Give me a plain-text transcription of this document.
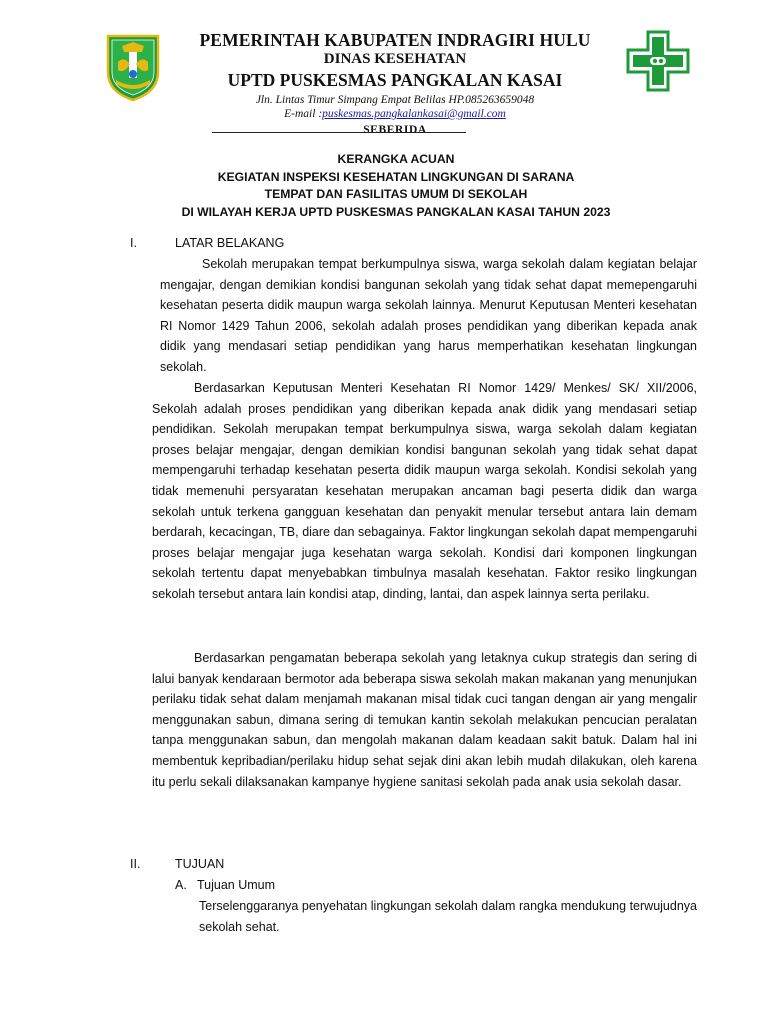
PEMERINTAH KABUPATEN INDRAGIRI HULU
DINAS KESEHATAN
UPTD PUSKESMAS PANGKALAN KASAI
Jln. Lintas Timur Simpang Empat Belilas HP.085263659048
E-mail :puskesmas.pangkalankasai@gmail.com
SEBERIDA
KERANGKA ACUAN
KEGIATAN INSPEKSI KESEHATAN LINGKUNGAN DI SARANA
TEMPAT DAN FASILITAS UMUM DI SEKOLAH
DI WILAYAH KERJA UPTD PUSKESMAS PANGKALAN KASAI TAHUN 2023
I.	LATAR BELAKANG
Sekolah merupakan tempat berkumpulnya siswa, warga sekolah dalam kegiatan belajar mengajar, dengan demikian kondisi bangunan sekolah yang tidak sehat dapat memepengaruhi kesehatan peserta didik maupun warga sekolah lainnya. Menurut Keputusan Menteri kesehatan RI Nomor 1429 Tahun 2006, sekolah adalah proses pendidikan yang diberikan kepada anak didik yang mendasari setiap pendidikan yang harus memperhatikan kesehatan lingkungan sekolah.
Berdasarkan Keputusan Menteri Kesehatan RI Nomor 1429/ Menkes/ SK/ XII/2006, Sekolah adalah proses pendidikan yang diberikan kepada anak didik yang mendasari setiap pendidikan. Sekolah merupakan tempat berkumpulnya siswa, warga sekolah dalam kegiatan proses belajar mengajar, dengan demikian kondisi bangunan sekolah yang tidak sehat dapat mempengaruhi terhadap kesehatan peserta didik maupun warga sekolah. Kondisi sekolah yang tidak memenuhi persyaratan kesehatan merupakan ancaman bagi peserta didik dan warga sekolah untuk terkena gangguan kesehatan dan penyakit menular tersebut antara lain demam berdarah, kecacingan, TB, diare dan sebagainya. Faktor lingkungan sekolah dapat mempengaruhi proses belajar mengajar juga kesehatan warga sekolah. Kondisi dari komponen lingkungan sekolah tertentu dapat menyebabkan timbulnya masalah kesehatan. Faktor resiko lingkungan sekolah tersebut antara lain kondisi atap, dinding, lantai, dan aspek lainnya serta perilaku.
Berdasarkan pengamatan beberapa sekolah yang letaknya cukup strategis dan sering di lalui banyak kendaraan bermotor ada beberapa siswa sekolah makan makanan yang menunjukan perilaku tidak sehat dalam menjamah makanan misal tidak cuci tangan dengan air yang mengalir menggunakan sabun, dimana sering di temukan kantin sekolah melakukan pencucian peralatan tanpa menggunakan sabun, dan mengolah makanan dalam keadaan sakit batuk. Dalam hal ini membentuk kepribadian/perilaku hidup sehat sejak dini akan lebih mudah dilakukan, oleh karena itu perlu sekali dilaksanakan kampanye hygiene sanitasi sekolah pada anak usia sekolah dasar.
II.	TUJUAN
A. Tujuan Umum
Terselenggaranya penyehatan lingkungan sekolah dalam rangka mendukung terwujudnya sekolah sehat.
